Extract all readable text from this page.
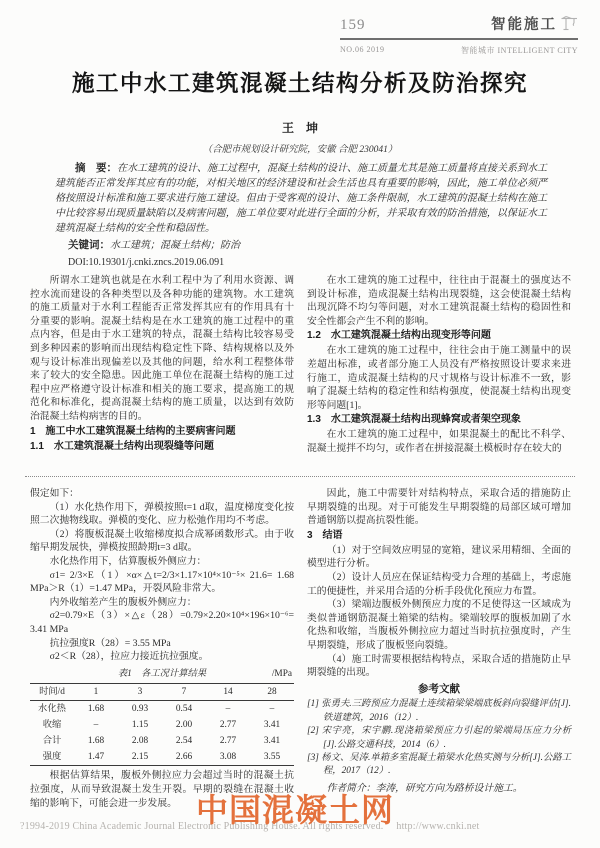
159	智能施工
NO.06 2019	智能城市 INTELLIGENT CITY
施工中水工建筑混凝土结构分析及防治探究
王　坤
（合肥市规划设计研究院，安徽 合肥 230041）

摘　要：在水工建筑的设计、施工过程中，混凝土结构的设计、施工质量尤其是施工质量将直接关系到水工建筑能否正常发挥其应有的功能，对相关地区的经济建设和社会生活也具有重要的影响，因此，施工单位必须严格按照设计标准和施工要求进行施工建设。但由于受客观的设计、施工条件限制，水工建筑的混凝土结构在施工中比较容易出现质量缺陷以及病害问题，施工单位要对此进行全面的分析，并采取有效的防治措施，以保证水工建筑混凝土结构的安全性和稳固性。

关键词：水工建筑；混凝土结构；防治

DOI:10.19301/j.cnki.zncs.2019.06.091

所谓水工建筑也就是在水利工程中为了利用水资源、调控水流而建设的各种类型以及各种功能的建筑物。水工建筑的施工质量对于水利工程能否正常发挥其应有的作用具有十分重要的影响。混凝土结构是在水工建筑的施工过程中的重点内容，但是由于水工建筑的特点，混凝土结构比较容易受到多种因素的影响而出现结构稳定性下降、结构规格以及外观与设计标准出现偏差以及其他的问题，给水利工程整体带来了较大的安全隐患。因此施工单位在混凝土结构的施工过程中应严格遵守设计标准和相关的施工要求，提高施工的规范化和标准化，提高混凝土结构的施工质量，以达到有效防治混凝土结构病害的目的。

1　施工中水工建筑混凝土结构的主要病害问题
1.1　水工建筑混凝土结构出现裂缝等问题

在水工建筑的施工过程中，往往由于混凝土的强度达不到设计标准，造成混凝土结构出现裂缝，这会使混凝土结构出现沉降不均匀等问题，对水工建筑混凝土结构的稳固性和安全性都会产生不利的影响。

1.2　水工建筑混凝土结构出现变形等问题

在水工建筑的施工过程中，往往会由于施工测量中的误差超出标准，或者部分施工人员没有严格按照设计要求来进行施工，造成混凝土结构的尺寸规格与设计标准不一致，影响了混凝土结构的稳定性和结构强度，使混凝土结构出现变形等问题[1]。

1.3　水工建筑混凝土结构出现蜂窝或者架空现象

在水工建筑的施工过程中，如果混凝土的配比不科学、混凝土搅拌不均匀，或作者在拼接混凝土模板时存在较大的

假定如下：

（1）水化热作用下，弹模按照t=1 d取，温度梯度变化按照二次抛物线取。弹模的变化、应力松弛作用均不考虑。

（2）将腹板混凝土收缩梯度拟合成幂函数形式。由于收缩早期发展快，弹模按照龄期t=3 d取。

水化热作用下，估算腹板外侧应力：

σ1= 2/3×E（1）×α×△t=2/3×1.17×10⁴×10⁻⁵× 21.6= 1.68 MPa＞R（1）=1.47 MPa，开裂风险非常大。

内外收缩差产生的腹板外侧应力：

σ2=0.79×E（3）×△ε（28）=0.79×2.20×10⁴×196×10⁻⁶= 3.41 MPa

抗拉强度R（28）= 3.55 MPa

σ2＜R（28），拉应力接近抗拉强度。

表1　各工况计算结果	/MPa
时间/d	1	3	7	14	28
水化热	1.68	0.93	0.54	–	–
收缩	–	1.15	2.00	2.77	3.41
合计	1.68	2.08	2.54	2.77	3.41
强度	1.47	2.15	2.66	3.08	3.55

根据估算结果，腹板外侧拉应力会超过当时的混凝土抗拉强度，从而导致混凝土发生开裂。早期的裂缝在混凝土收缩的影响下，可能会进一步发展。

因此，施工中需要针对结构特点，采取合适的措施防止早期裂缝的出现。对于可能发生早期裂缝的局部区域可增加普通钢筋以提高抗裂性能。

3　结语

（1）对于空间效应明显的宽箱，建议采用精细、全面的模型进行分析。

（2）设计人员应在保证结构受力合理的基础上，考虑施工的便捷性，并采用合适的分析手段优化预应力布置。

（3）梁端边腹板外侧预应力度的不足使得这一区域成为类似普通钢筋混凝土箱梁的结构。梁端较厚的腹板加剧了水化热和收缩，当腹板外侧拉应力超过当时抗拉强度时，产生早期裂缝，形成了腹板竖向裂缝。

（4）施工时需要根据结构特点，采取合适的措施防止早期裂缝的出现。

参考文献

[1] 张勇夫.三跨预应力混凝土连续箱梁梁端底板斜向裂缝评估[J].铁道建筑，2016（12）.

[2] 宋宇亮，宋宇鹏.现浇箱梁预应力引起的梁端局压应力分析 [J].公路交通科技，2014（6）.

[3] 杨文、吴涛.单箱多室混凝土箱梁水化热实测与分析[J].公路工程，2017（12）.

作者简介：李涛，研究方向为路桥设计施工。

中国混凝土网
?1994-2019 China Academic Journal Electronic Publishing House. All rights reserved.　 http://www.cnki.net
